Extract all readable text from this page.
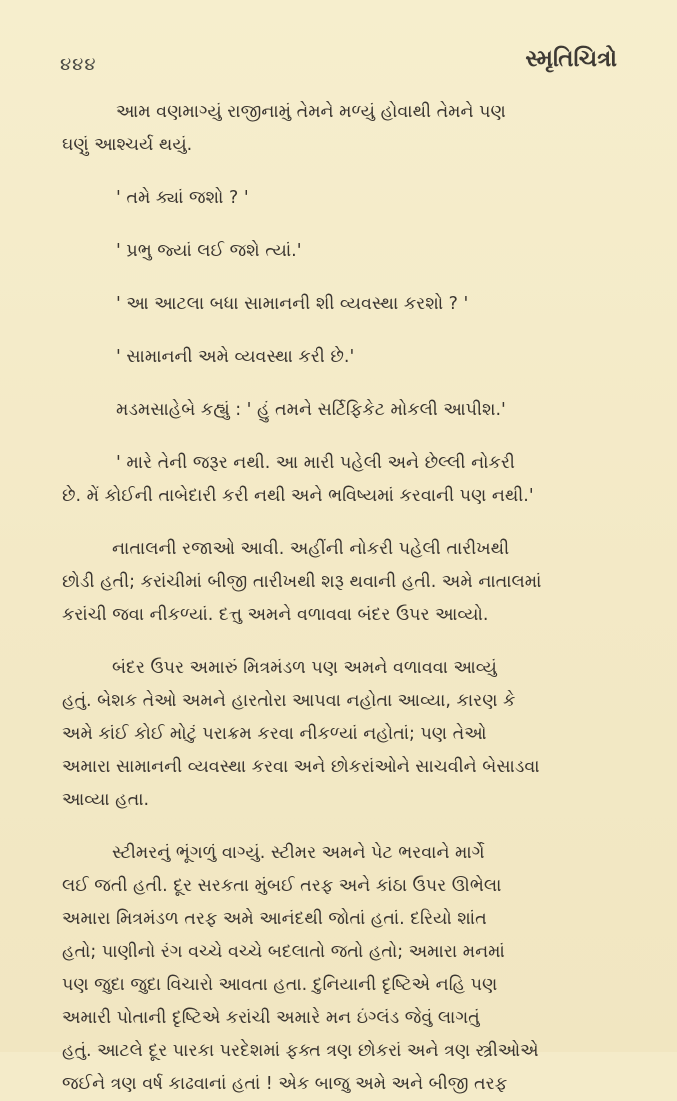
૪૪૪	સ્મૃતિચિત્રો
આમ વણમાગ્યું રાજીનામું તેમને મળ્યું હોવાથી તેમને પણ
ઘણું આશ્ચર્ય થયું.
' તમે ક્યાં જશો ? '
' પ્રભુ જ્યાં લઈ જશે ત્યાં.'
' આ આટલા બધા સામાનની શી વ્યવસ્થા કરશો ? '
' સામાનની અમે વ્યવસ્થા કરી છે.'
મડમસાહેબે કહ્યું : ' હું તમને સર્ટિફિકેટ મોકલી આપીશ.'
' મારે તેની જરૂર નથી. આ મારી પહેલી અને છેલ્લી નોકરી
છે. મેં કોઈની તાબેદારી કરી નથી અને ભવિષ્યમાં કરવાની પણ નથી.'
નાતાલની રજાઓ આવી. અહીંની નોકરી પહેલી તારીખથી
છોડી હતી; કરાંચીમાં બીજી તારીખથી શરૂ થવાની હતી. અમે નાતાલમાં
કરાંચી જવા નીકળ્યાં. દત્તુ અમને વળાવવા બંદર ઉપર આવ્યો.
બંદર ઉપર અમારું મિત્રમંડળ પણ અમને વળાવવા આવ્યું
હતું. બેશક તેઓ અમને હારતોરા આપવા નહોતા આવ્યા, કારણ કે
અમે કાંઈ કોઈ મોટું પરાક્રમ કરવા નીકળ્યાં નહોતાં; પણ તેઓ
અમારા સામાનની વ્યવસ્થા કરવા અને છોકરાંઓને સાચવીને બેસાડવા
આવ્યા હતા.
સ્ટીમરનું ભૂંગળું વાગ્યું. સ્ટીમર અમને પેટ ભરવાને માર્ગે
લઈ જતી હતી. દૂર સરકતા મુંબઈ તરફ અને કાંઠા ઉપર ઊભેલા
અમારા મિત્રમંડળ તરફ અમે આનંદથી જોતાં હતાં. દરિયો શાંત
હતો; પાણીનો રંગ વચ્ચે વચ્ચે બદલાતો જતો હતો; અમારા મનમાં
પણ જુદા જુદા વિચારો આવતા હતા. દુનિયાની દૃષ્ટિએ નહિ પણ
અમારી પોતાની દૃષ્ટિએ કરાંચી અમારે મન ઇંગ્લંડ જેવું લાગતું
હતું. આટલે દૂર પારકા પરદેશમાં ફક્ત ત્રણ છોકરાં અને ત્રણ સ્ત્રીઓએ
જઈને ત્રણ વર્ષ કાઢવાનાં હતાં ! એક બાજુ અમે અને બીજી તરફ
